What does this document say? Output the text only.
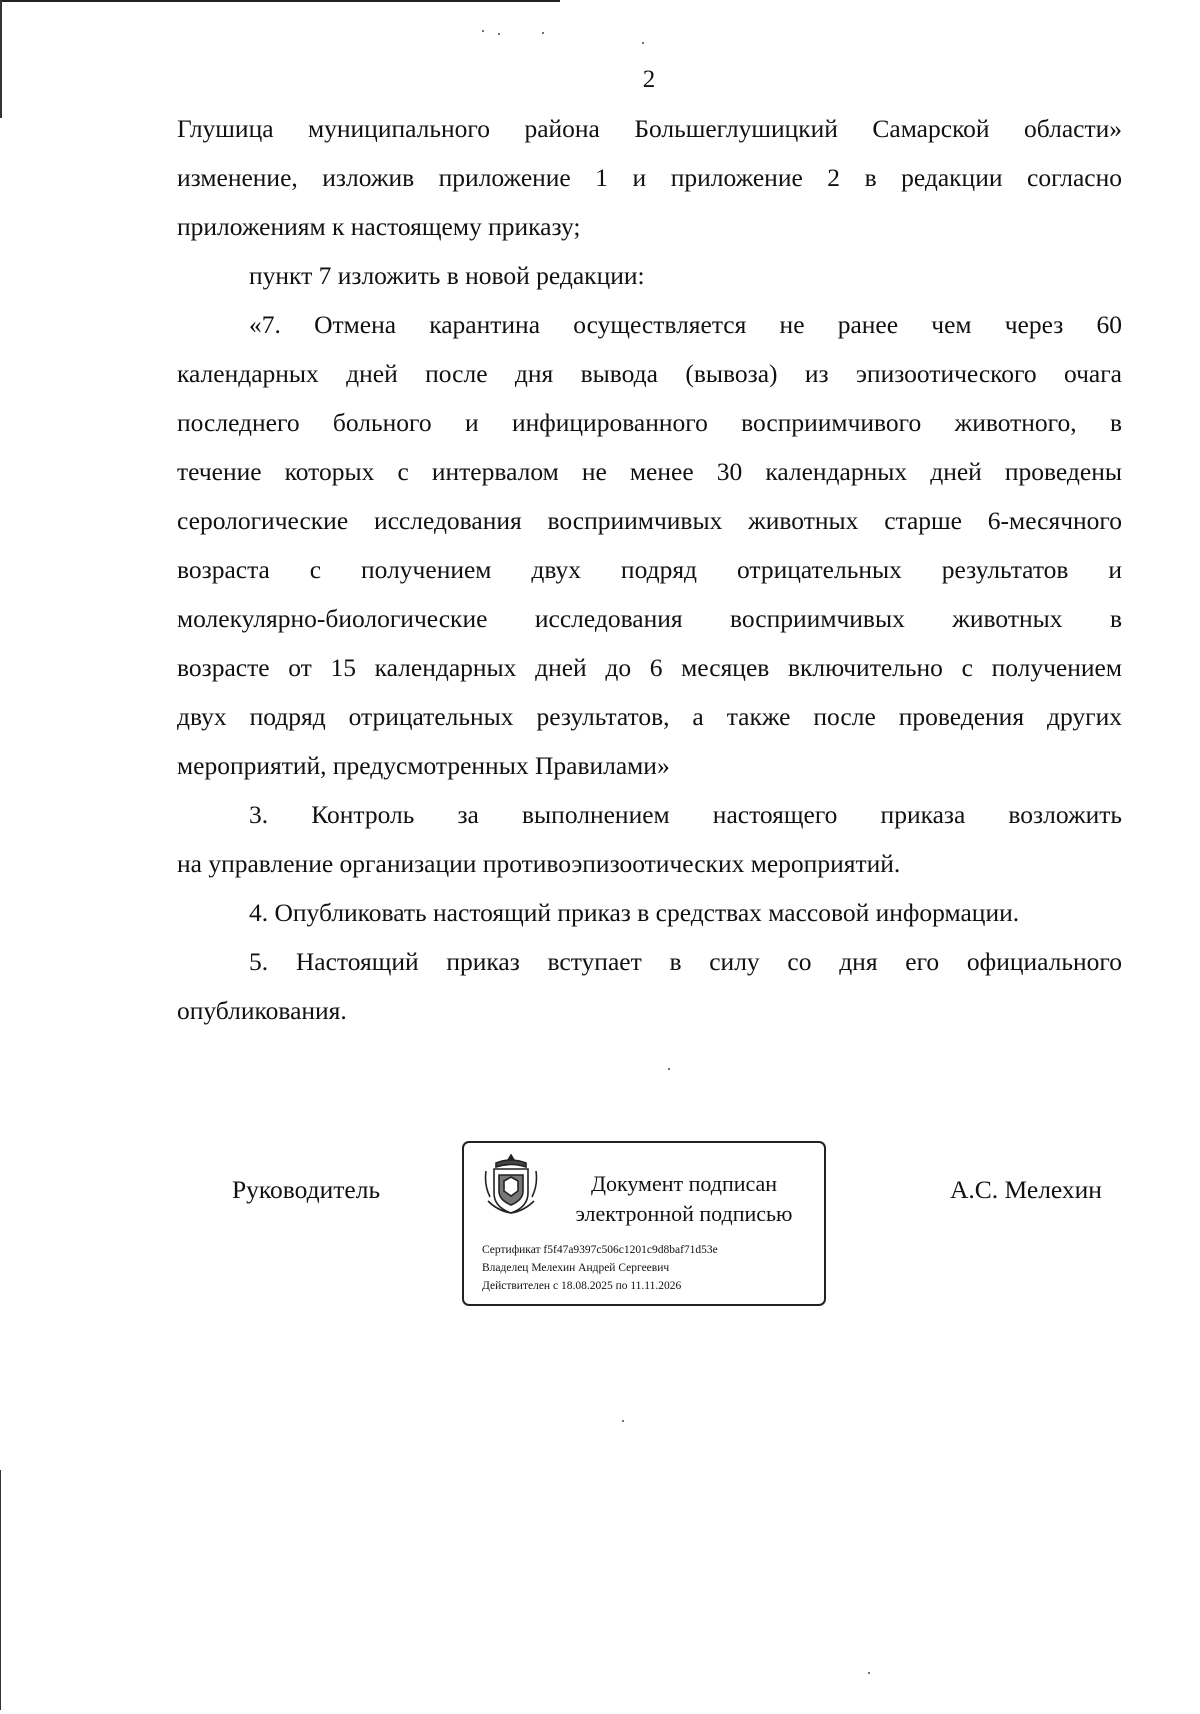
2
Глушица муниципального района Большеглушицкий Самарской области»
изменение, изложив приложение 1 и приложение 2 в редакции согласно
приложениям к настоящему приказу;
пункт 7 изложить в новой редакции:
«7. Отмена карантина осуществляется не ранее чем через 60
календарных дней после дня вывода (вывоза) из эпизоотического очага
последнего больного и инфицированного восприимчивого животного, в
течение которых с интервалом не менее 30 календарных дней проведены
серологические исследования восприимчивых животных старше 6-месячного
возраста с получением двух подряд отрицательных результатов и
молекулярно-биологические исследования восприимчивых животных в
возрасте от 15 календарных дней до 6 месяцев включительно с получением
двух подряд отрицательных результатов, а также после проведения других
мероприятий, предусмотренных Правилами»
3. Контроль за выполнением настоящего приказа возложить
на управление организации противоэпизоотических мероприятий.
4. Опубликовать настоящий приказ в средствах массовой информации.
5. Настоящий приказ вступает в силу со дня его официального
опубликования.
Руководитель	Документ подписан
электронной подписью
Сертификат f5f47a9397c506c1201c9d8baf71d53e
Владелец Мелехин Андрей Сергеевич
Действителен с 18.08.2025 по 11.11.2026
А.С. Мелехин
